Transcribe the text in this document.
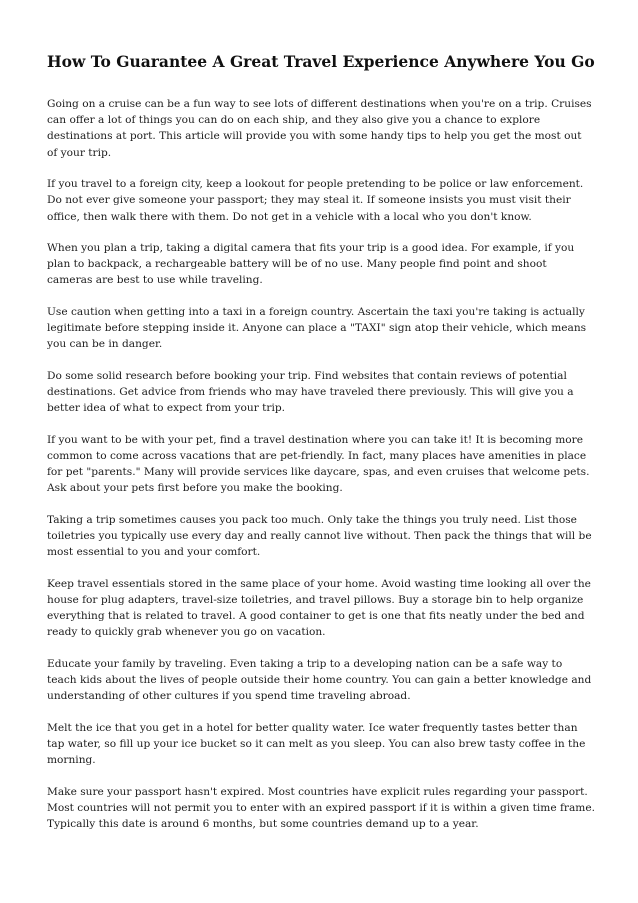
How To Guarantee A Great Travel Experience Anywhere You Go

Going on a cruise can be a fun way to see lots of different destinations when you're on a trip. Cruises can offer a lot of things you can do on each ship, and they also give you a chance to explore destinations at port. This article will provide you with some handy tips to help you get the most out of your trip.

If you travel to a foreign city, keep a lookout for people pretending to be police or law enforcement. Do not ever give someone your passport; they may steal it. If someone insists you must visit their office, then walk there with them. Do not get in a vehicle with a local who you don't know.

When you plan a trip, taking a digital camera that fits your trip is a good idea. For example, if you plan to backpack, a rechargeable battery will be of no use. Many people find point and shoot cameras are best to use while traveling.

Use caution when getting into a taxi in a foreign country. Ascertain the taxi you're taking is actually legitimate before stepping inside it. Anyone can place a "TAXI" sign atop their vehicle, which means you can be in danger.

Do some solid research before booking your trip. Find websites that contain reviews of potential destinations. Get advice from friends who may have traveled there previously. This will give you a better idea of what to expect from your trip.

If you want to be with your pet, find a travel destination where you can take it! It is becoming more common to come across vacations that are pet-friendly. In fact, many places have amenities in place for pet "parents." Many will provide services like daycare, spas, and even cruises that welcome pets. Ask about your pets first before you make the booking.

Taking a trip sometimes causes you pack too much. Only take the things you truly need. List those toiletries you typically use every day and really cannot live without. Then pack the things that will be most essential to you and your comfort.

Keep travel essentials stored in the same place of your home. Avoid wasting time looking all over the house for plug adapters, travel-size toiletries, and travel pillows. Buy a storage bin to help organize everything that is related to travel. A good container to get is one that fits neatly under the bed and ready to quickly grab whenever you go on vacation.

Educate your family by traveling. Even taking a trip to a developing nation can be a safe way to teach kids about the lives of people outside their home country. You can gain a better knowledge and understanding of other cultures if you spend time traveling abroad.

Melt the ice that you get in a hotel for better quality water. Ice water frequently tastes better than tap water, so fill up your ice bucket so it can melt as you sleep. You can also brew tasty coffee in the morning.

Make sure your passport hasn't expired. Most countries have explicit rules regarding your passport. Most countries will not permit you to enter with an expired passport if it is within a given time frame. Typically this date is around 6 months, but some countries demand up to a year.
